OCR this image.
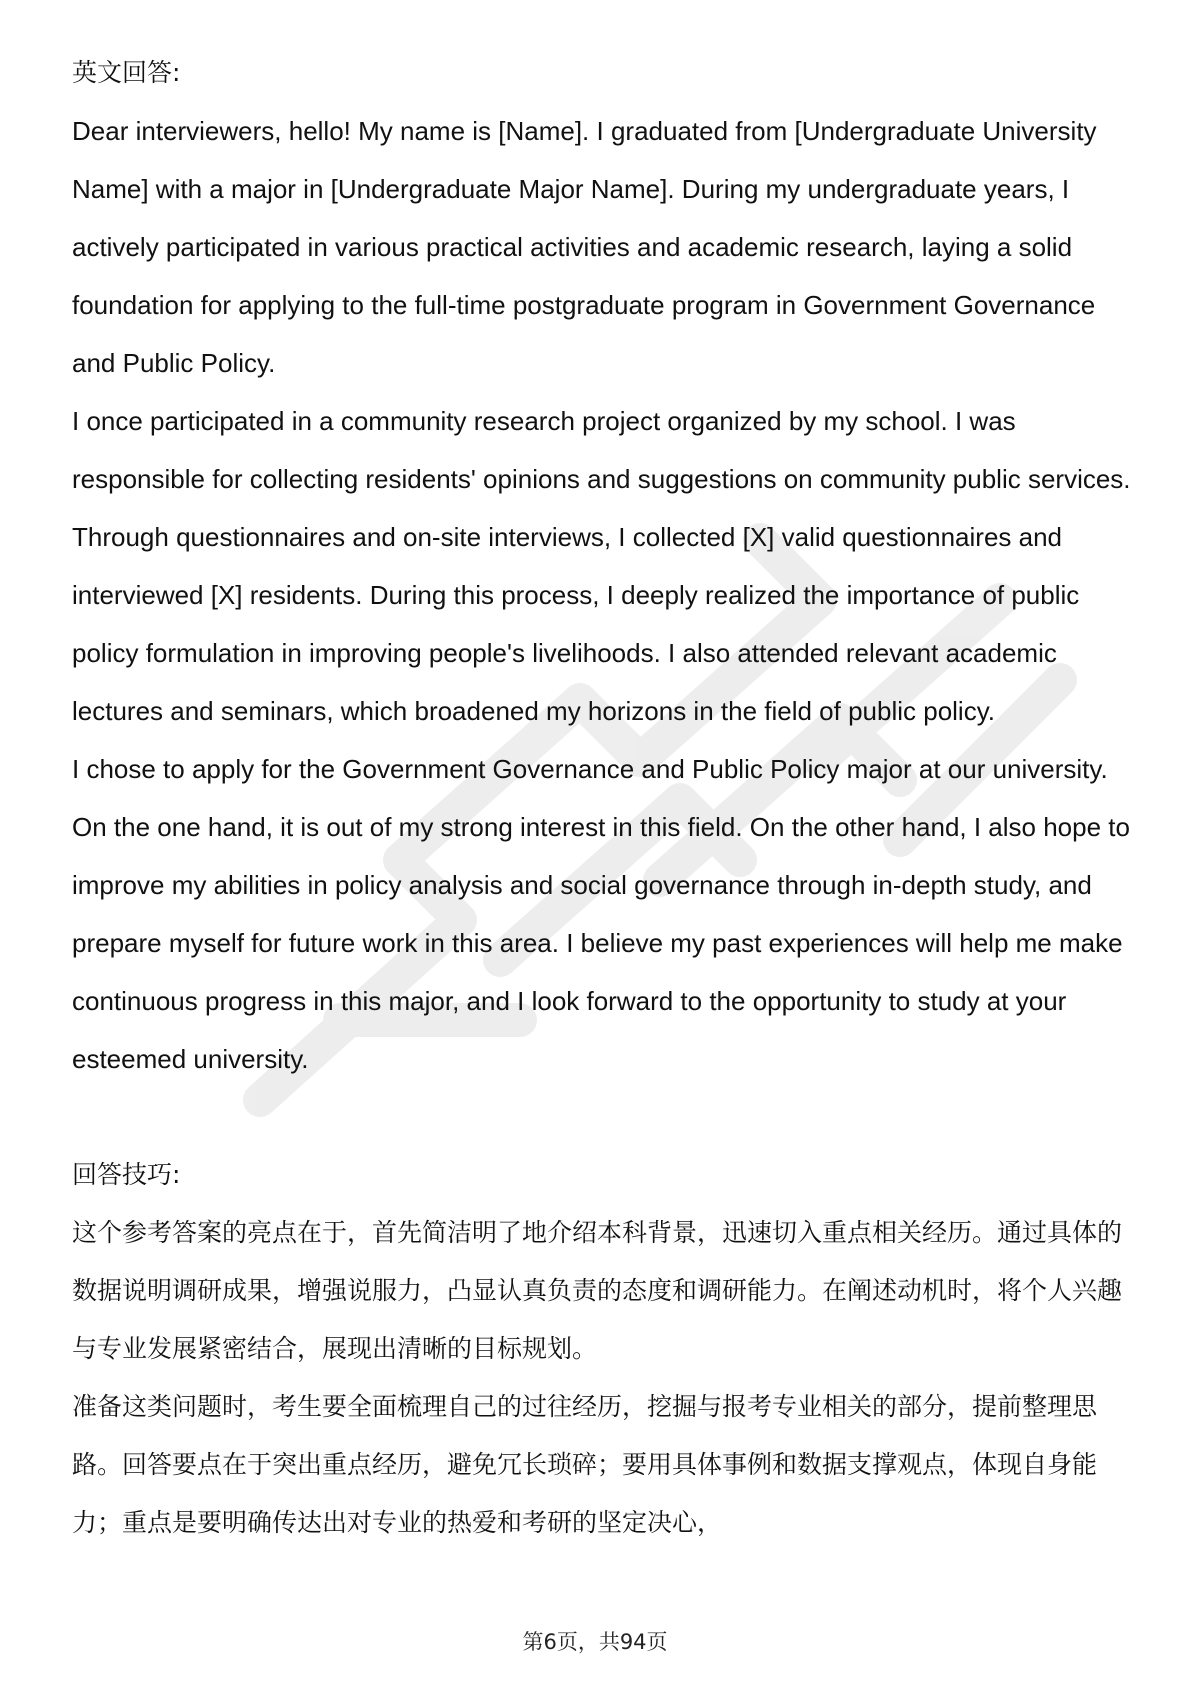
英文回答:
Dear interviewers, hello! My name is [Name]. I graduated from [Undergraduate University Name] with a major in [Undergraduate Major Name]. During my undergraduate years, I actively participated in various practical activities and academic research, laying a solid foundation for applying to the full-time postgraduate program in Government Governance and Public Policy.
I once participated in a community research project organized by my school. I was responsible for collecting residents' opinions and suggestions on community public services. Through questionnaires and on-site interviews, I collected [X] valid questionnaires and interviewed [X] residents. During this process, I deeply realized the importance of public policy formulation in improving people's livelihoods. I also attended relevant academic lectures and seminars, which broadened my horizons in the field of public policy.
I chose to apply for the Government Governance and Public Policy major at our university. On the one hand, it is out of my strong interest in this field. On the other hand, I also hope to improve my abilities in policy analysis and social governance through in-depth study, and prepare myself for future work in this area. I believe my past experiences will help me make continuous progress in this major, and I look forward to the opportunity to study at your esteemed university.
回答技巧:
这个参考答案的亮点在于，首先简洁明了地介绍本科背景，迅速切入重点相关经历。通过具体的数据说明调研成果，增强说服力，凸显认真负责的态度和调研能力。在阐述动机时，将个人兴趣与专业发展紧密结合，展现出清晰的目标规划。
准备这类问题时，考生要全面梳理自己的过往经历，挖掘与报考专业相关的部分，提前整理思路。回答要点在于突出重点经历，避免冗长琐碎；要用具体事例和数据支撑观点，体现自身能力；重点是要明确传达出对专业的热爱和考研的坚定决心，
第6页，共94页
